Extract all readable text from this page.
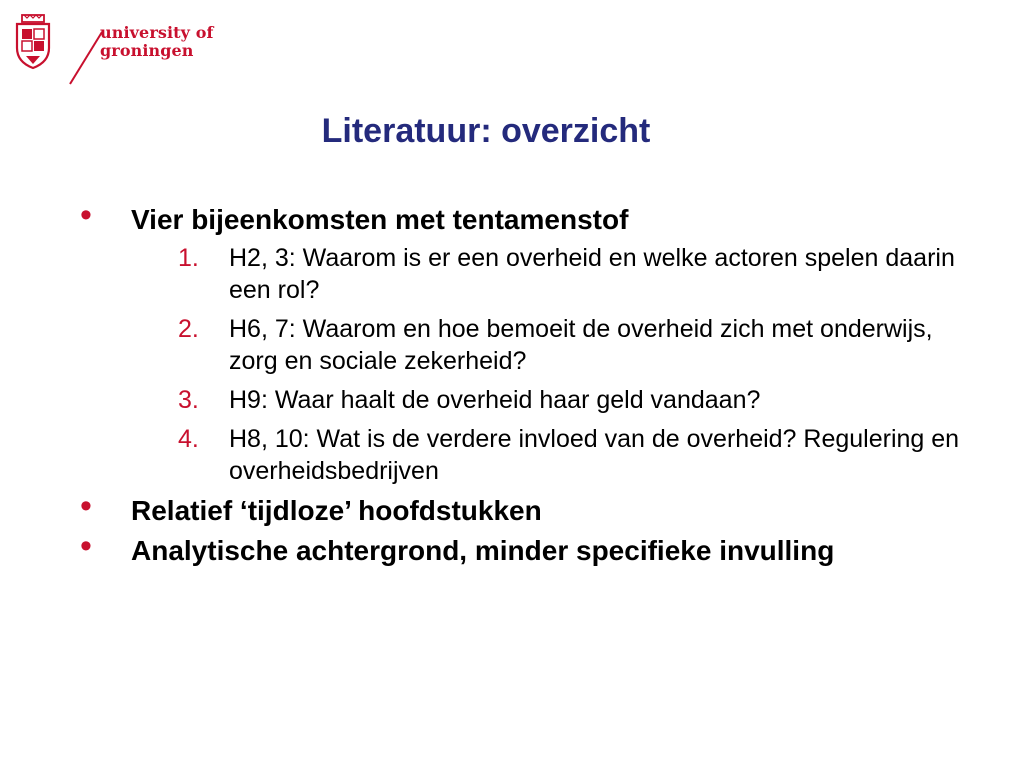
university of
groningen
Literatuur: overzicht
• Vier bijeenkomsten met tentamenstof
1. H2, 3: Waarom is er een overheid en welke actoren spelen daarin een rol?
2. H6, 7: Waarom en hoe bemoeit de overheid zich met onderwijs, zorg en sociale zekerheid?
3. H9: Waar haalt de overheid haar geld vandaan?
4. H8, 10: Wat is de verdere invloed van de overheid? Regulering en overheidsbedrijven
• Relatief ‘tijdloze’ hoofdstukken
• Analytische achtergrond, minder specifieke invulling
